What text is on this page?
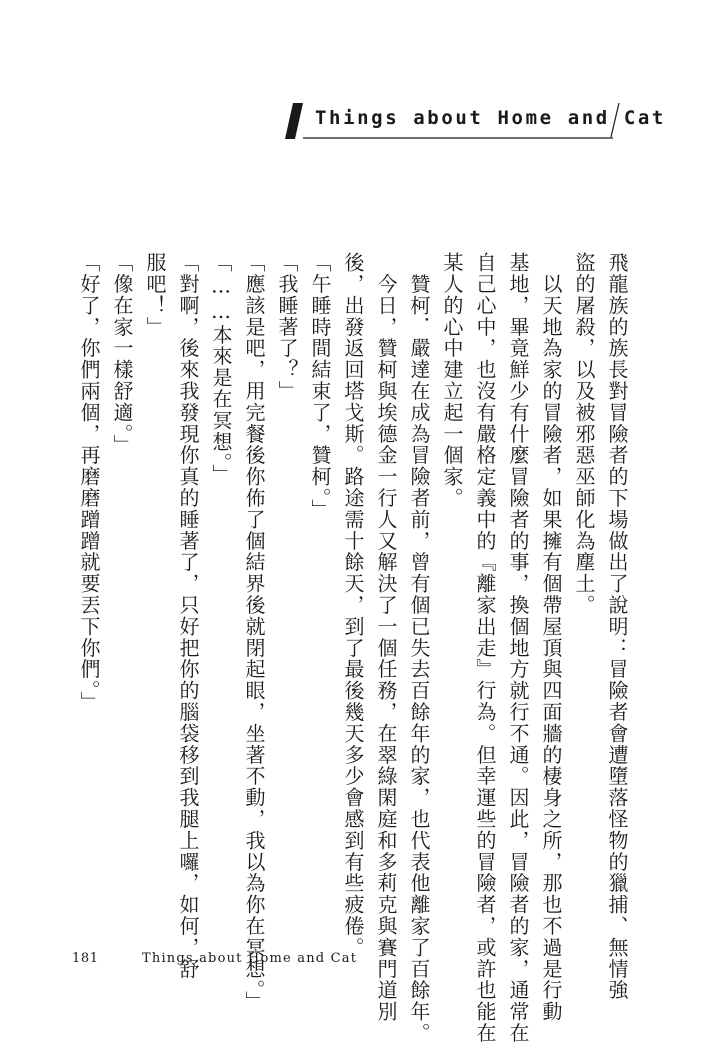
Things about Home and Cat
飛龍族的族長對冒險者的下場做出了說明：冒險者會遭墮落怪物的獵捕、無情強
盜的屠殺，以及被邪惡巫師化為塵土。
　以天地為家的冒險者，如果擁有個帶屋頂與四面牆的棲身之所，那也不過是行動
基地，畢竟鮮少有什麼冒險者的事，換個地方就行不通。因此，冒險者的家，通常在
自己心中，也沒有嚴格定義中的『離家出走』行為。但幸運些的冒險者，或許也能在
某人的心中建立起一個家。
　贊柯．嚴達在成為冒險者前，曾有個已失去百餘年的家，也代表他離家了百餘年。
　今日，贊柯與埃德金一行人又解決了一個任務，在翠綠閑庭和多莉克與賽門道別
後，出發返回塔戈斯。路途需十餘天，到了最後幾天多少會感到有些疲倦。
「午睡時間結束了，贊柯。」
「我睡著了？」
「應該是吧，用完餐後你佈了個結界後就閉起眼，坐著不動，我以為你在冥想。」
「……本來是在冥想。」
「對啊，後來我發現你真的睡著了，只好把你的腦袋移到我腿上囉，如何，舒
服吧！」
「像在家一樣舒適。」
「好了，你們兩個，再磨磨蹭蹭就要丟下你們。」
181	Things about Home and Cat
